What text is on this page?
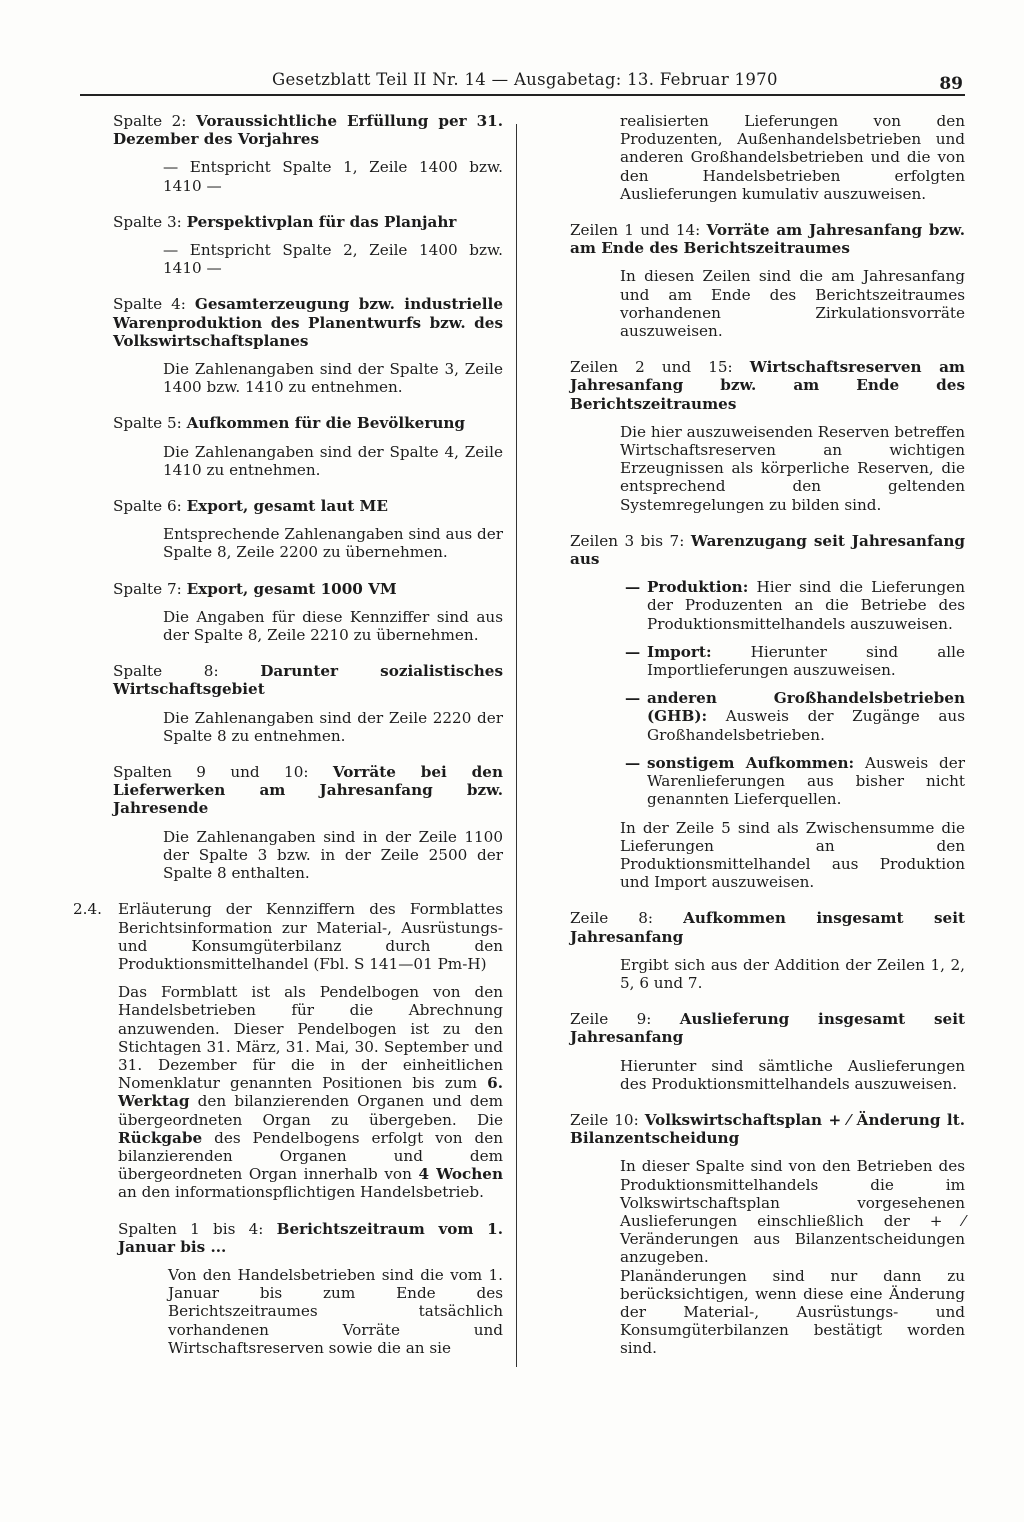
Gesetzblatt Teil II Nr. 14 — Ausgabetag: 13. Februar 1970	89

Spalte 2: Voraussichtliche Erfüllung per 31. Dezember des Vorjahres

— Entspricht Spalte 1, Zeile 1400 bzw. 1410 —

Spalte 3: Perspektivplan für das Planjahr

— Entspricht Spalte 2, Zeile 1400 bzw. 1410 —

Spalte 4: Gesamterzeugung bzw. industrielle Warenproduktion des Planentwurfs bzw. des Volkswirtschaftsplanes

Die Zahlenangaben sind der Spalte 3, Zeile 1400 bzw. 1410 zu entnehmen.

Spalte 5: Aufkommen für die Bevölkerung

Die Zahlenangaben sind der Spalte 4, Zeile 1410 zu entnehmen.

Spalte 6: Export, gesamt laut ME

Entsprechende Zahlenangaben sind aus der Spalte 8, Zeile 2200 zu übernehmen.

Spalte 7: Export, gesamt 1000 VM

Die Angaben für diese Kennziffer sind aus der Spalte 8, Zeile 2210 zu übernehmen.

Spalte 8:	Darunter sozialistisches Wirtschaftsgebiet

Die Zahlenangaben sind der Zeile 2220 der Spalte 8 zu entnehmen.

Spalten 9 und 10: Vorräte bei den Lieferwerken am Jahresanfang bzw. Jahresende

Die Zahlenangaben sind in der Zeile 1100 der Spalte 3 bzw. in der Zeile 2500 der Spalte 8 enthalten.

2.4. Erläuterung der Kennziffern des Formblattes Berichtsinformation zur Material-, Ausrüstungs- und Konsumgüterbilanz durch den Produktionsmittelhandel (Fbl. S 141—01 Pm-H)

Das Formblatt ist als Pendelbogen von den Handelsbetrieben für die Abrechnung anzuwenden. Dieser Pendelbogen ist zu den Stichtagen 31. März, 31. Mai, 30. September und 31. Dezember für die in der einheitlichen Nomenklatur genannten Positionen bis zum 6. Werktag den bilanzierenden Organen und dem übergeordneten Organ zu übergeben. Die Rückgabe des Pendelbogens erfolgt von den bilanzierenden Organen und dem übergeordneten Organ innerhalb von 4 Wochen an den informationspflichtigen Handelsbetrieb.

Spalten 1 bis 4: Berichtszeitraum vom 1. Januar bis ...

Von den Handelsbetrieben sind die vom 1. Januar bis zum Ende des Berichtszeitraumes tatsächlich vorhandenen Vorräte und Wirtschaftsreserven sowie die an sie

realisierten Lieferungen von den Produzenten, Außenhandelsbetrieben und anderen Großhandelsbetrieben und die von den Handelsbetrieben erfolgten Auslieferungen kumulativ auszuweisen.

Zeilen 1 und 14: Vorräte am Jahresanfang bzw. am Ende des Berichtszeitraumes

In diesen Zeilen sind die am Jahresanfang und am Ende des Berichtszeitraumes vorhandenen Zirkulationsvorräte auszuweisen.

Zeilen 2 und 15: Wirtschaftsreserven am Jahresanfang bzw. am Ende des Berichtszeitraumes

Die hier auszuweisenden Reserven betreffen Wirtschaftsreserven an wichtigen Erzeugnissen als körperliche Reserven, die entsprechend den geltenden Systemregelungen zu bilden sind.

Zeilen 3 bis 7: Warenzugang seit Jahresanfang aus

— Produktion: Hier sind die Lieferungen der Produzenten an die Betriebe des Produktionsmittelhandels auszuweisen.
— Import:	Hierunter sind alle Importlieferungen auszuweisen.
— anderen Großhandelsbetrieben (GHB): Ausweis der Zugänge aus Großhandelsbetrieben.
— sonstigem Aufkommen: Ausweis der Warenlieferungen aus bisher nicht genannten Lieferquellen.

In der Zeile 5 sind als Zwischensumme die Lieferungen an den Produktionsmittelhandel aus Produktion und Import auszuweisen.

Zeile 8: Aufkommen insgesamt seit Jahresanfang

Ergibt sich aus der Addition der Zeilen 1, 2, 5, 6 und 7.

Zeile 9: Auslieferung insgesamt seit Jahresanfang

Hierunter sind sämtliche Auslieferungen des Produktionsmittelhandels auszuweisen.

Zeile 10: Volkswirtschaftsplan + ⁄ Änderung lt. Bilanzentscheidung

In dieser Spalte sind von den Betrieben des Produktionsmittelhandels die im Volkswirtschaftsplan vorgesehenen Auslieferungen einschließlich der + ⁄ Veränderungen aus Bilanzentscheidungen anzugeben.

Planänderungen sind nur dann zu berücksichtigen, wenn diese eine Änderung der Material-, Ausrüstungs- und Konsumgüterbilanzen bestätigt worden sind.
